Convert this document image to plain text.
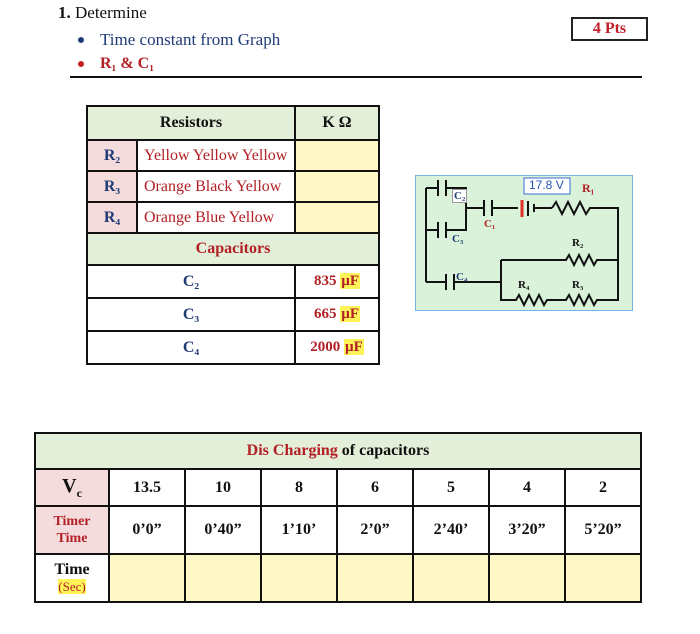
1. Determine
Time constant from Graph
R₁ & C₁
4 Pts
Resistors		K Ω
R₂	Yellow Yellow Yellow	
R₃	Orange Black Yellow	
R₄	Orange Blue Yellow	
Capacitors		
C₂		835 µF
C₃		665 µF
C₄		2000 µF
17.8 V R₁
C₂
C₁
C₃
C₄
R₂
R₄	R₃
Dis Charging of capacitors							
$V_c$	13.5	10	8	6	5	4	2
Timer
Time	0’0”	0’40”	1’10’	2’0”	2’40’	3’20”	5’20”
Time
(Sec)							
